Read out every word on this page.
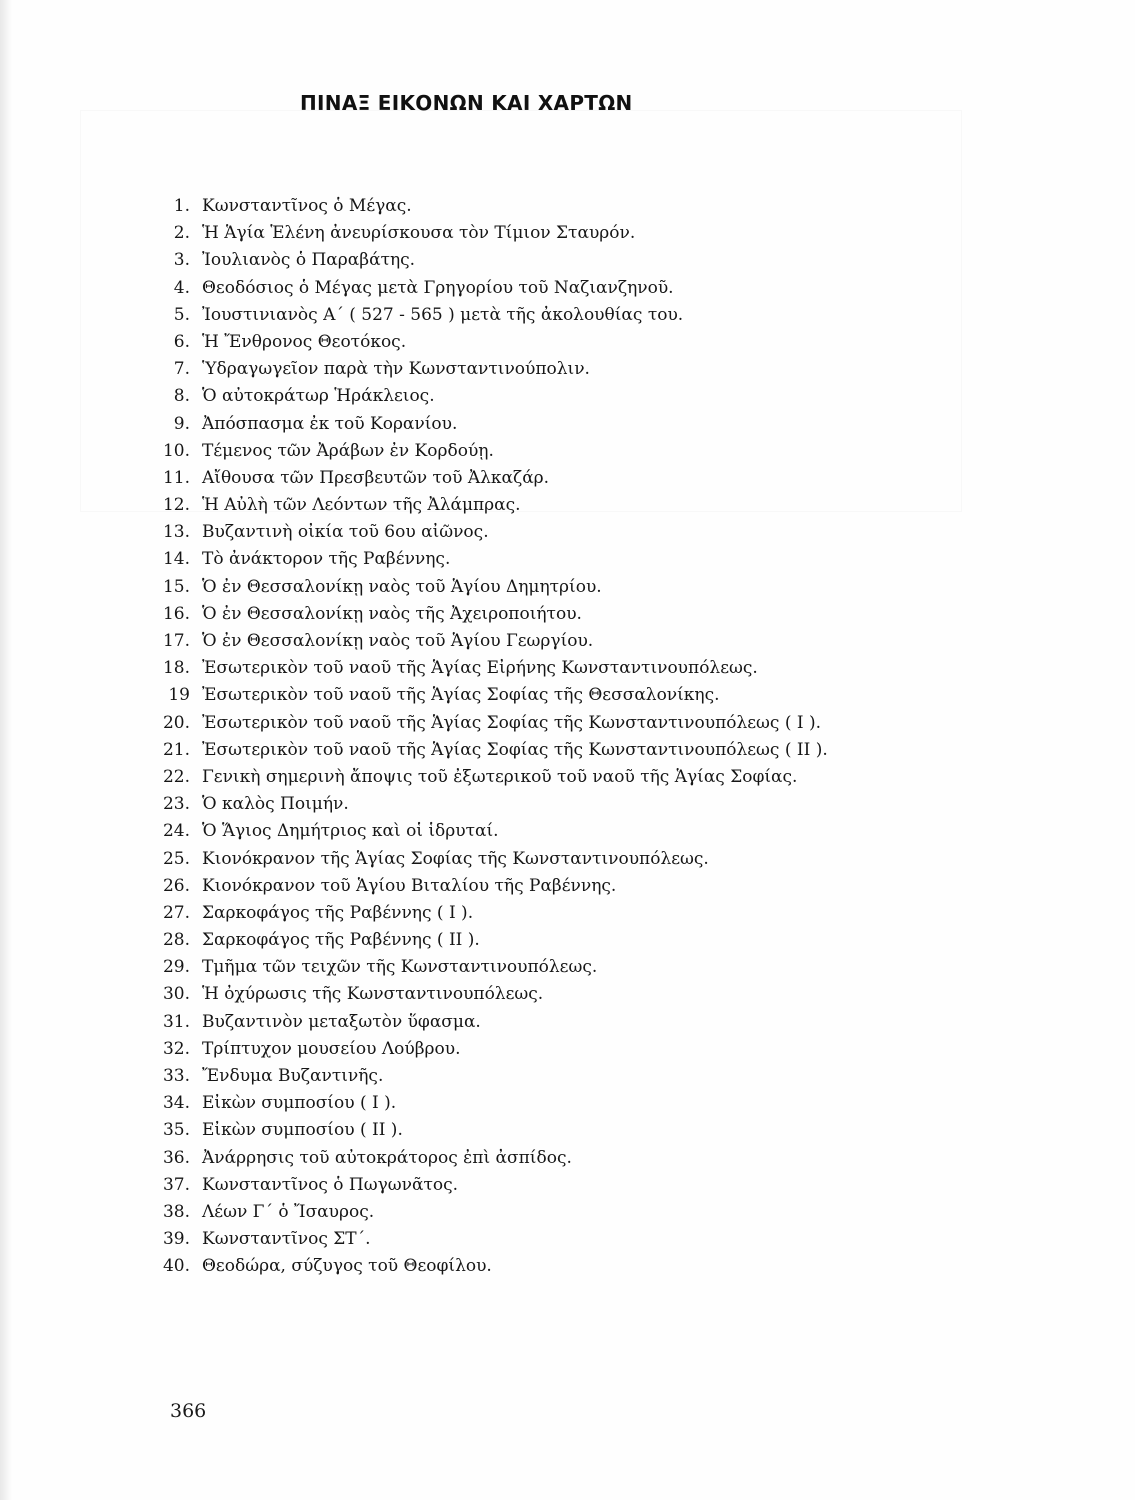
ΠΙΝΑΞ ΕΙΚΟΝΩΝ ΚΑΙ ΧΑΡΤΩΝ
1. Κωνσταντῖνος ὁ Μέγας.
2. Ἡ Ἁγία Ἑλένη ἀνευρίσκουσα τὸν Τίμιον Σταυρόν.
3. Ἰουλιανὸς ὁ Παραβάτης.
4. Θεοδόσιος ὁ Μέγας μετὰ Γρηγορίου τοῦ Ναζιανζηνοῦ.
5. Ἰουστινιανὸς Α΄ ( 527 - 565 ) μετὰ τῆς ἀκολουθίας του.
6. Ἡ Ἔνθρονος Θεοτόκος.
7. Ὑδραγωγεῖον παρὰ τὴν Κωνσταντινούπολιν.
8. Ὁ αὐτοκράτωρ Ἡράκλειος.
9. Ἀπόσπασμα ἐκ τοῦ Κορανίου.
10. Τέμενος τῶν Ἀράβων ἐν Κορδούῃ.
11. Αἴθουσα τῶν Πρεσβευτῶν τοῦ Ἀλκαζάρ.
12. Ἡ Αὐλὴ τῶν Λεόντων τῆς Ἀλάμπρας.
13. Βυζαντινὴ οἰκία τοῦ 6ου αἰῶνος.
14. Τὸ ἀνάκτορον τῆς Ραβέννης.
15. Ὁ ἐν Θεσσαλονίκῃ ναὸς τοῦ Ἁγίου Δημητρίου.
16. Ὁ ἐν Θεσσαλονίκῃ ναὸς τῆς Ἀχειροποιήτου.
17. Ὁ ἐν Θεσσαλονίκῃ ναὸς τοῦ Ἁγίου Γεωργίου.
18. Ἐσωτερικὸν τοῦ ναοῦ τῆς Ἁγίας Εἰρήνης Κωνσταντινουπόλεως.
19 Ἐσωτερικὸν τοῦ ναοῦ τῆς Ἁγίας Σοφίας τῆς Θεσσαλονίκης.
20. Ἐσωτερικὸν τοῦ ναοῦ τῆς Ἁγίας Σοφίας τῆς Κωνσταντινουπόλεως ( Ι ).
21. Ἐσωτερικὸν τοῦ ναοῦ τῆς Ἁγίας Σοφίας τῆς Κωνσταντινουπόλεως ( ΙΙ ).
22. Γενικὴ σημερινὴ ἄποψις τοῦ ἐξωτερικοῦ τοῦ ναοῦ τῆς Ἁγίας Σοφίας.
23. Ὁ καλὸς Ποιμήν.
24. Ὁ Ἅγιος Δημήτριος καὶ οἱ ἱδρυταί.
25. Κιονόκρανον τῆς Ἁγίας Σοφίας τῆς Κωνσταντινουπόλεως.
26. Κιονόκρανον τοῦ Ἁγίου Βιταλίου τῆς Ραβέννης.
27. Σαρκοφάγος τῆς Ραβέννης ( Ι ).
28. Σαρκοφάγος τῆς Ραβέννης ( ΙΙ ).
29. Τμῆμα τῶν τειχῶν τῆς Κωνσταντινουπόλεως.
30. Ἡ ὀχύρωσις τῆς Κωνσταντινουπόλεως.
31. Βυζαντινὸν μεταξωτὸν ὕφασμα.
32. Τρίπτυχον μουσείου Λούβρου.
33. Ἔνδυμα Βυζαντινῆς.
34. Εἰκὼν συμποσίου ( Ι ).
35. Εἰκὼν συμποσίου ( ΙΙ ).
36. Ἀνάρρησις τοῦ αὐτοκράτορος ἐπὶ ἀσπίδος.
37. Κωνσταντῖνος ὁ Πωγωνᾶτος.
38. Λέων Γ΄ ὁ Ἴσαυρος.
39. Κωνσταντῖνος ΣΤ΄.
40. Θεοδώρα, σύζυγος τοῦ Θεοφίλου.
366
